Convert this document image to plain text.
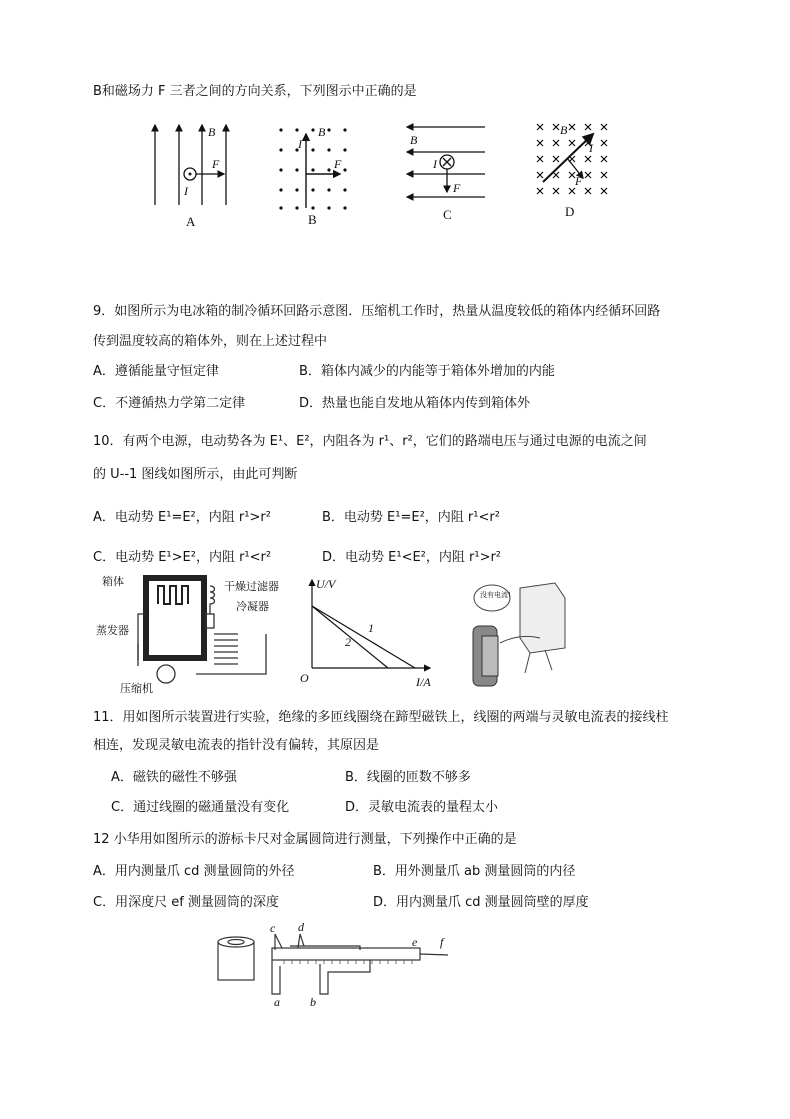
B和磁场力 F 三者之间的方向关系，下列图示中正确的是
B
F
I
A
B
I
F
B
B
I
F
C
B
I
F
D
9．如图所示为电冰箱的制冷循环回路示意图．压缩机工作时，热量从温度较低的箱体内经循环回路
传到温度较高的箱体外，则在上述过程中
A．遵循能量守恒定律	B．箱体内减少的内能等于箱体外增加的内能
C．不遵循热力学第二定律	D．热量也能自发地从箱体内传到箱体外
10．有两个电源，电动势各为 E¹、E²，内阻各为 r¹、r²，它们的路端电压与通过电源的电流之间
的 U--1 图线如图所示，由此可判断
A．电动势 E¹=E²，内阻 r¹>r²	B．电动势 E¹=E²，内阻 r¹<r²
C．电动势 E¹>E²，内阻 r¹<r²	D．电动势 E¹<E²，内阻 r¹>r²
箱体	干燥过滤器
冷凝器
蒸发器
压缩机
U/V
I/A
O
1
2
没有电流!
11．用如图所示装置进行实验，绝缘的多匝线圈绕在蹄型磁铁上，线圈的两端与灵敏电流表的接线柱
相连，发现灵敏电流表的指针没有偏转，其原因是
A．磁铁的磁性不够强	B．线圈的匝数不够多
C．通过线圈的磁通量没有变化	D．灵敏电流表的量程太小
12 小华用如图所示的游标卡尺对金属圆筒进行测量，下列操作中正确的是
A．用内测量爪 cd 测量圆筒的外径	B．用外测量爪 ab 测量圆筒的内径
C．用深度尺 ef 测量圆筒的深度	D．用内测量爪 cd 测量圆筒壁的厚度
c d
e f
a	b
